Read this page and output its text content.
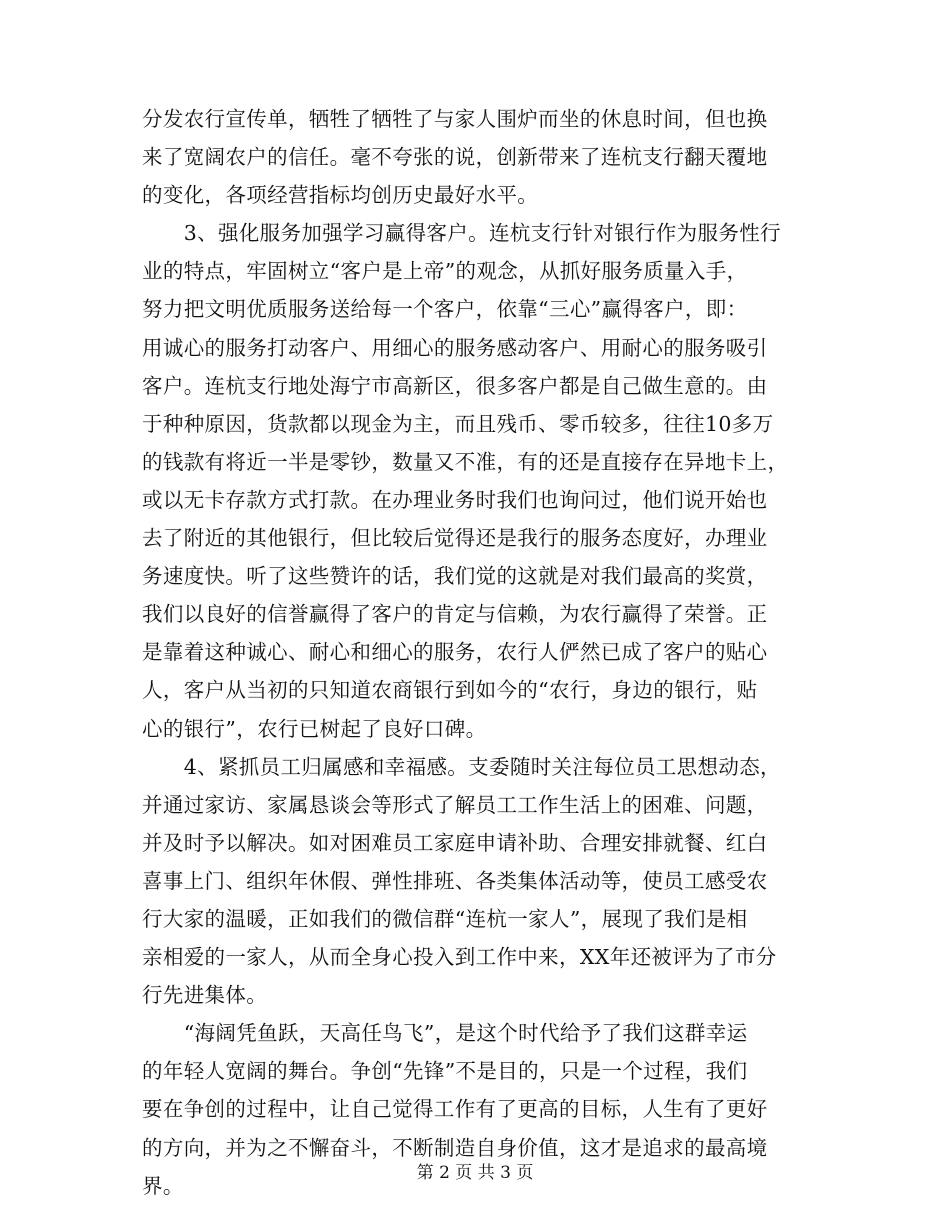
分发农行宣传单，牺牲了牺牲了与家人围炉而坐的休息时间，但也换
来了宽阔农户的信任。毫不夸张的说，创新带来了连杭支行翻天覆地
的变化，各项经营指标均创历史最好水平。
　　3、强化服务加强学习赢得客户。连杭支行针对银行作为服务性行
业的特点，牢固树立“客户是上帝”的观念，从抓好服务质量入手，
努力把文明优质服务送给每一个客户，依靠“三心”赢得客户，即：
用诚心的服务打动客户、用细心的服务感动客户、用耐心的服务吸引
客户。连杭支行地处海宁市高新区，很多客户都是自己做生意的。由
于种种原因，货款都以现金为主，而且残币、零币较多，往往10多万
的钱款有将近一半是零钞，数量又不准，有的还是直接存在异地卡上，
或以无卡存款方式打款。在办理业务时我们也询问过，他们说开始也
去了附近的其他银行，但比较后觉得还是我行的服务态度好，办理业
务速度快。听了这些赞许的话，我们觉的这就是对我们最高的奖赏，
我们以良好的信誉赢得了客户的肯定与信赖，为农行赢得了荣誉。正
是靠着这种诚心、耐心和细心的服务，农行人俨然已成了客户的贴心
人，客户从当初的只知道农商银行到如今的“农行，身边的银行，贴
心的银行”，农行已树起了良好口碑。
　　4、紧抓员工归属感和幸福感。支委随时关注每位员工思想动态，
并通过家访、家属恳谈会等形式了解员工工作生活上的困难、问题，
并及时予以解决。如对困难员工家庭申请补助、合理安排就餐、红白
喜事上门、组织年休假、弹性排班、各类集体活动等，使员工感受农
行大家的温暖，正如我们的微信群“连杭一家人”，展现了我们是相
亲相爱的一家人，从而全身心投入到工作中来，XX年还被评为了市分
行先进集体。
　　“海阔凭鱼跃，天高任鸟飞”，是这个时代给予了我们这群幸运
的年轻人宽阔的舞台。争创“先锋”不是目的，只是一个过程，我们
要在争创的过程中，让自己觉得工作有了更高的目标，人生有了更好
的方向，并为之不懈奋斗，不断制造自身价值，这才是追求的最高境
界。
第 2 页 共 3 页
